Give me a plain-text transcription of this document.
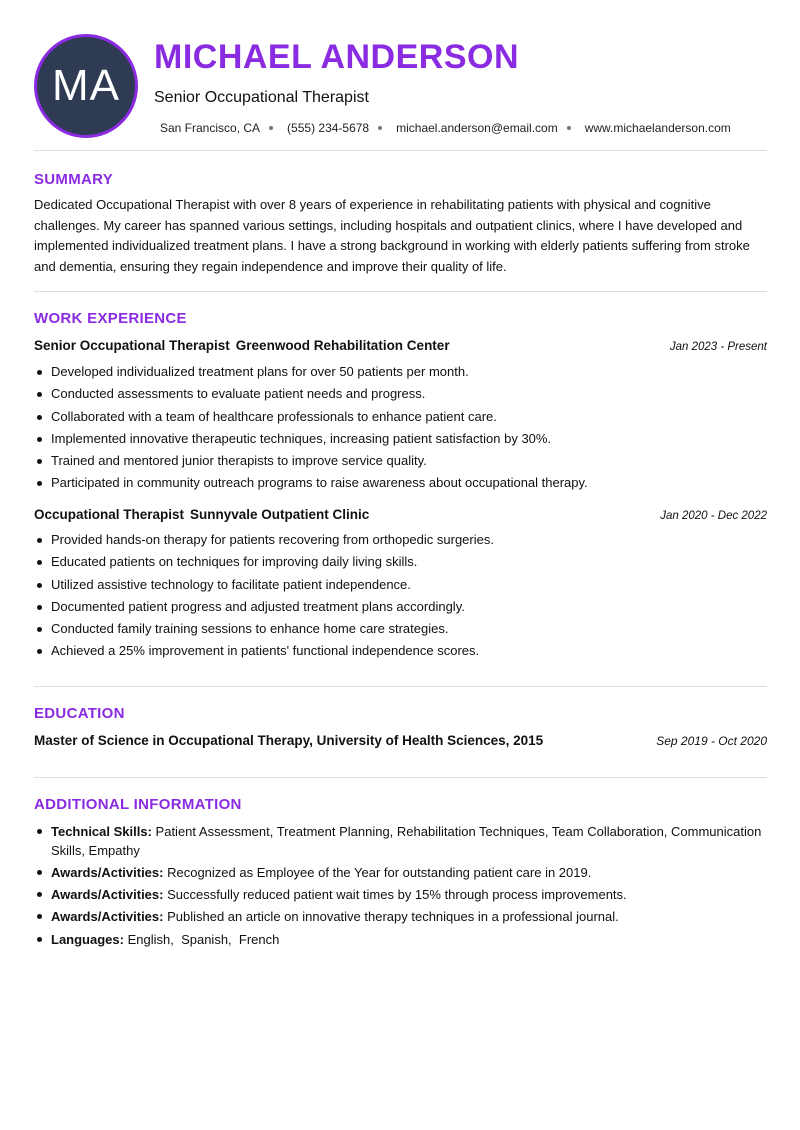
MA
MICHAEL ANDERSON
Senior Occupational Therapist
San Francisco, CA (555) 234-5678 michael.anderson@email.com www.michaelanderson.com
SUMMARY

Dedicated Occupational Therapist with over 8 years of experience in rehabilitating patients with physical and cognitive challenges. My career has spanned various settings, including hospitals and outpatient clinics, where I have developed and implemented individualized treatment plans. I have a strong background in working with elderly patients suffering from stroke and dementia, ensuring they regain independence and improve their quality of life.

WORK EXPERIENCE
Senior Occupational Therapist Greenwood Rehabilitation Center	Jan 2023 - Present
Developed individualized treatment plans for over 50 patients per month.
Conducted assessments to evaluate patient needs and progress.
Collaborated with a team of healthcare professionals to enhance patient care.
Implemented innovative therapeutic techniques, increasing patient satisfaction by 30%.
Trained and mentored junior therapists to improve service quality.
Participated in community outreach programs to raise awareness about occupational therapy.
Occupational Therapist Sunnyvale Outpatient Clinic	Jan 2020 - Dec 2022
Provided hands-on therapy for patients recovering from orthopedic surgeries.
Educated patients on techniques for improving daily living skills.
Utilized assistive technology to facilitate patient independence.
Documented patient progress and adjusted treatment plans accordingly.
Conducted family training sessions to enhance home care strategies.
Achieved a 25% improvement in patients' functional independence scores.
EDUCATION
Master of Science in Occupational Therapy, University of Health Sciences, 2015	Sep 2019 - Oct 2020
ADDITIONAL INFORMATION
Technical Skills: Patient Assessment, Treatment Planning, Rehabilitation Techniques, Team Collaboration, Communication Skills, Empathy
Awards/Activities: Recognized as Employee of the Year for outstanding patient care in 2019.
Awards/Activities: Successfully reduced patient wait times by 15% through process improvements.
Awards/Activities: Published an article on innovative therapy techniques in a professional journal.
Languages: English,  Spanish,  French
